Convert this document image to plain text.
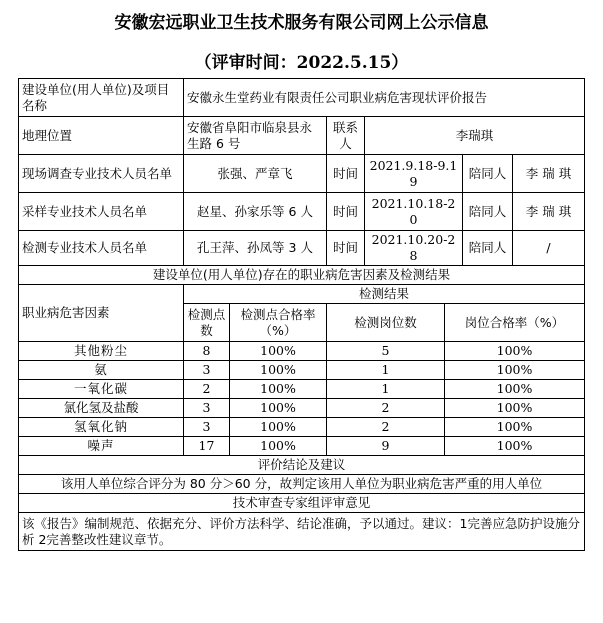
安徽宏远职业卫生技术服务有限公司网上公示信息
（评审时间：2022.5.15）
建设单位(用人单位)及项目名称	安徽永生堂药业有限责任公司职业病危害现状评价报告						
地理位置	安徽省阜阳市临泉县永生路 6 号		联系人	李瑞琪			
现场调查专业技术人员名单	张强、严章飞		时间	2021.9.18-9.19		陪同人	李 瑞 琪
采样专业技术人员名单	赵星、孙家乐等 6 人		时间	2021.10.18-20		陪同人	李 瑞 琪
检测专业技术人员名单	孔王萍、孙凤等 3 人		时间	2021.10.20-28		陪同人	/
建设单位(用人单位)存在的职业病危害因素及检测结果							
职业病危害因素	检测结果						
	检测点数	检测点合格率（%）	检测岗位数		岗位合格率（%）		
其他粉尘	8	100%	5		100%		
氨	3	100%	1		100%		
一氧化碳	2	100%	1		100%		
氯化氢及盐酸	3	100%	2		100%		
氢氧化钠	3	100%	2		100%		
噪声	17	100%	9		100%		
评价结论及建议							
该用人单位综合评分为 80 分＞60 分，故判定该用人单位为职业病危害严重的用人单位							
技术审查专家组评审意见							
该《报告》编制规范、依据充分、评价方法科学、结论准确，予以通过。建议：1完善应急防护设施分析 2完善整改性建议章节。							
